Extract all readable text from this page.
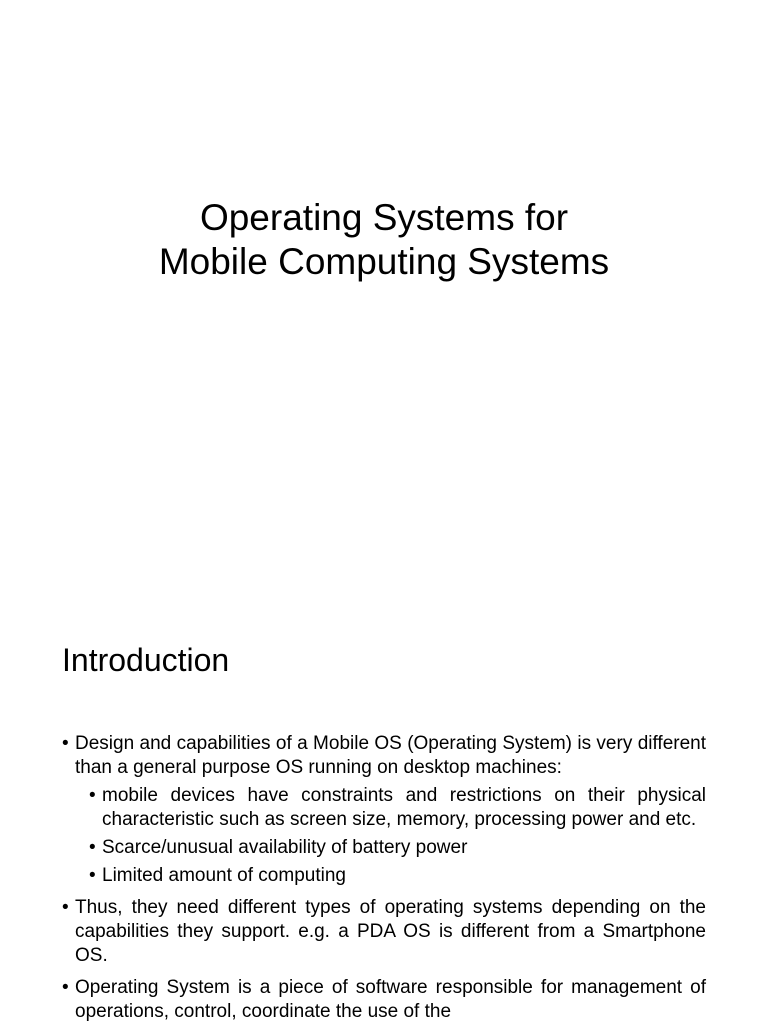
Operating Systems for
Mobile Computing Systems
Introduction
• Design and capabilities of a Mobile OS (Operating System) is very different than a general purpose OS running on desktop machines:
• mobile devices have constraints and restrictions on their physical characteristic such as screen size, memory, processing power and etc.
• Scarce/unusual availability of battery power
• Limited amount of computing
• Thus, they need different types of operating systems depending on the capabilities they support. e.g. a PDA OS is different from a Smartphone OS.
• Operating System is a piece of software responsible for management of operations, control, coordinate the use of the
